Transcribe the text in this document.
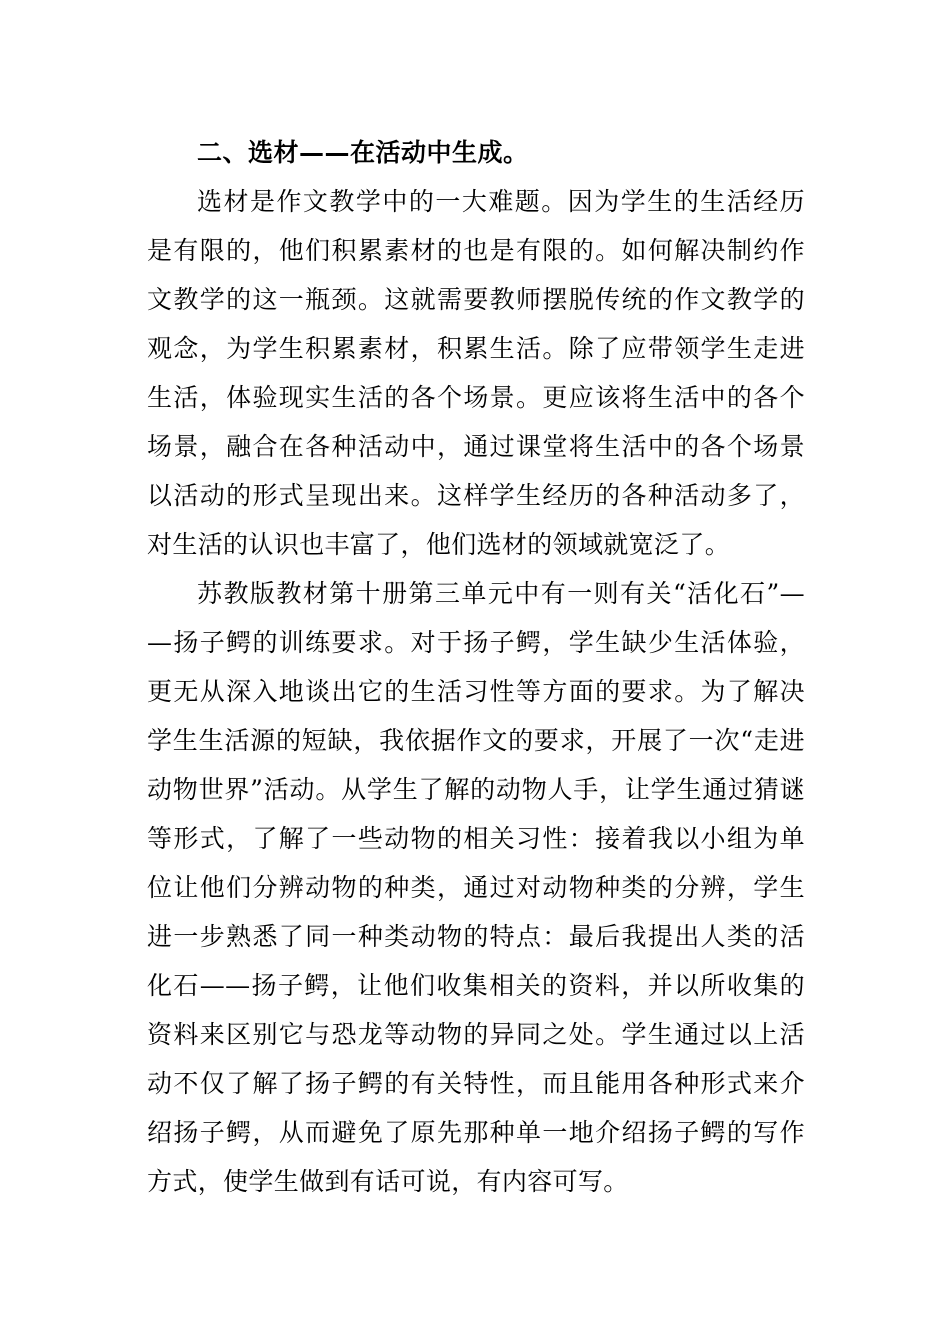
二、选材——在活动中生成。

选材是作文教学中的一大难题。因为学生的生活经历是有限的，他们积累素材的也是有限的。如何解决制约作文教学的这一瓶颈。这就需要教师摆脱传统的作文教学的观念，为学生积累素材，积累生活。除了应带领学生走进生活，体验现实生活的各个场景。更应该将生活中的各个场景，融合在各种活动中，通过课堂将生活中的各个场景以活动的形式呈现出来。这样学生经历的各种活动多了，对生活的认识也丰富了，他们选材的领域就宽泛了。

苏教版教材第十册第三单元中有一则有关“活化石”——扬子鳄的训练要求。对于扬子鳄，学生缺少生活体验，更无从深入地谈出它的生活习性等方面的要求。为了解决学生生活源的短缺，我依据作文的要求，开展了一次“走进动物世界”活动。从学生了解的动物人手，让学生通过猜谜等形式，了解了一些动物的相关习性：接着我以小组为单位让他们分辨动物的种类，通过对动物种类的分辨，学生进一步熟悉了同一种类动物的特点：最后我提出人类的活化石——扬子鳄，让他们收集相关的资料，并以所收集的资料来区别它与恐龙等动物的异同之处。学生通过以上活动不仅了解了扬子鳄的有关特性，而且能用各种形式来介绍扬子鳄，从而避免了原先那种单一地介绍扬子鳄的写作方式，使学生做到有话可说，有内容可写。
